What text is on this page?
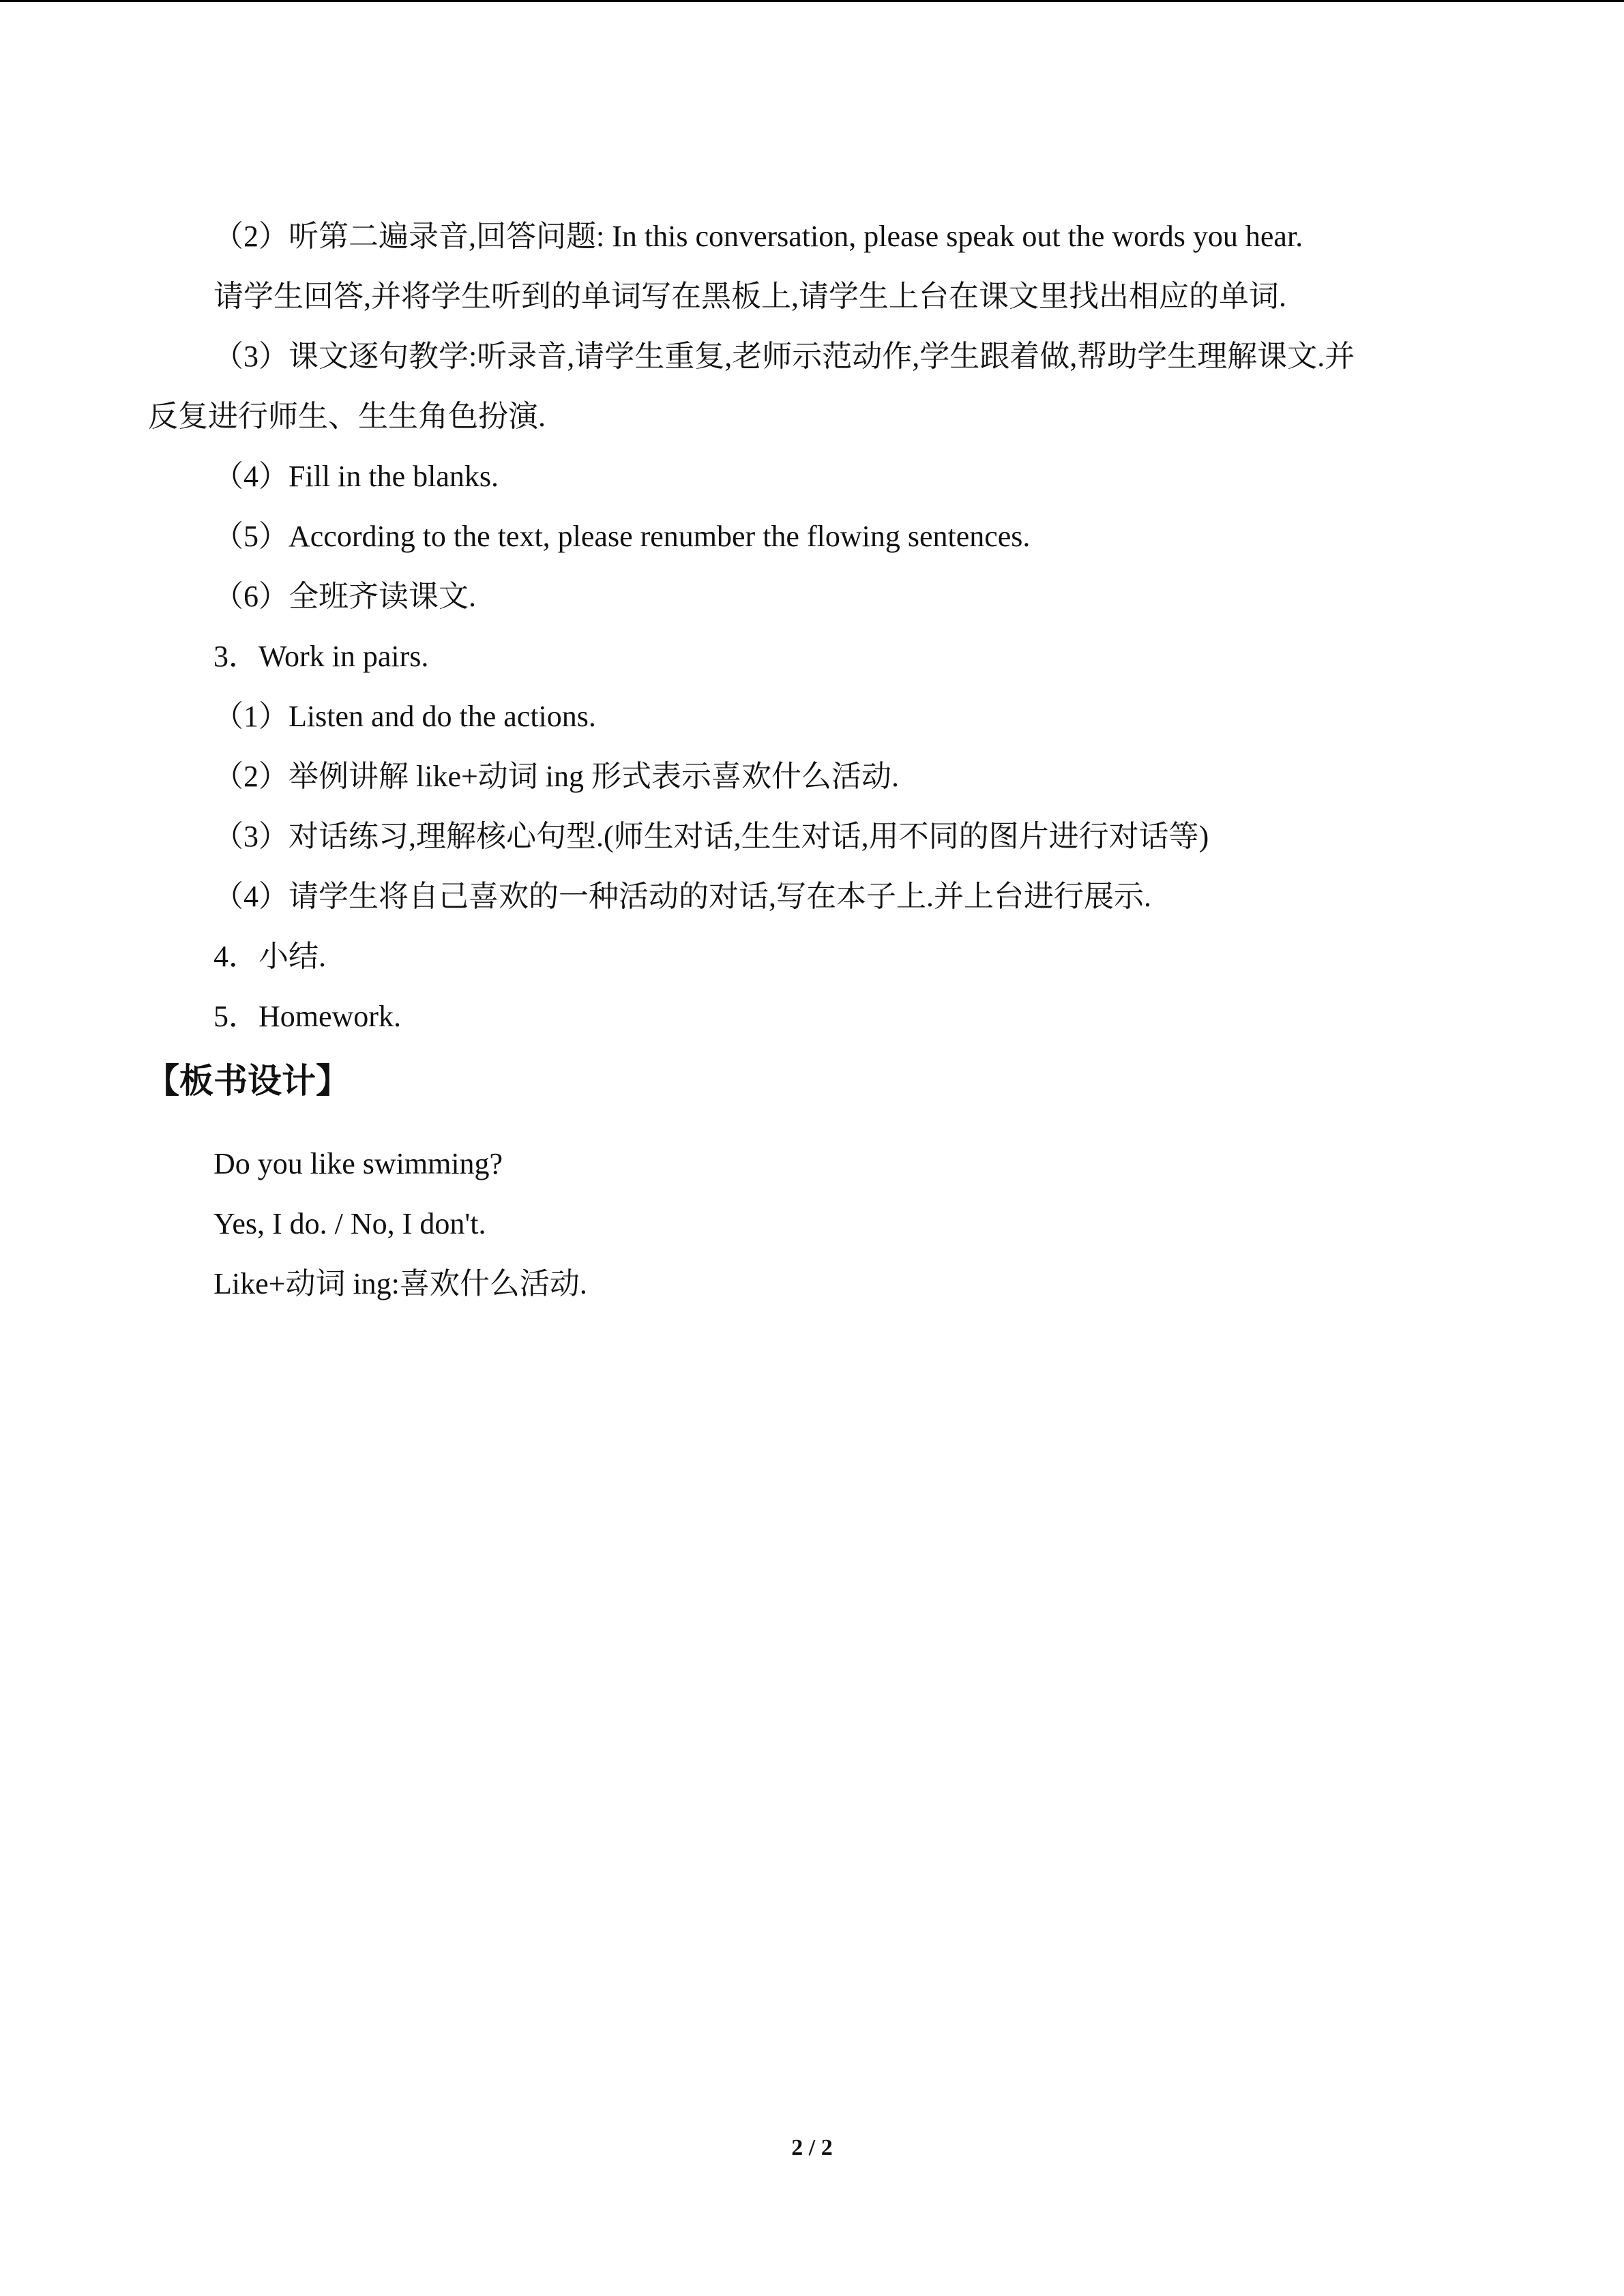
（2）听第二遍录音,回答问题: In this conversation, please speak out the words you hear.

请学生回答,并将学生听到的单词写在黑板上,请学生上台在课文里找出相应的单词.

（3）课文逐句教学:听录音,请学生重复,老师示范动作,学生跟着做,帮助学生理解课文.并

反复进行师生、生生角色扮演.

（4）Fill in the blanks.

（5）According to the text, please renumber the flowing sentences.

（6）全班齐读课文.

3．Work in pairs.

（1）Listen and do the actions.

（2）举例讲解 like+动词 ing 形式表示喜欢什么活动.

（3）对话练习,理解核心句型.(师生对话,生生对话,用不同的图片进行对话等)

（4）请学生将自己喜欢的一种活动的对话,写在本子上.并上台进行展示.

4．小结.

5．Homework.

【板书设计】

Do you like swimming?

Yes, I do. / No, I don't.

Like+动词 ing:喜欢什么活动.

2 / 2
